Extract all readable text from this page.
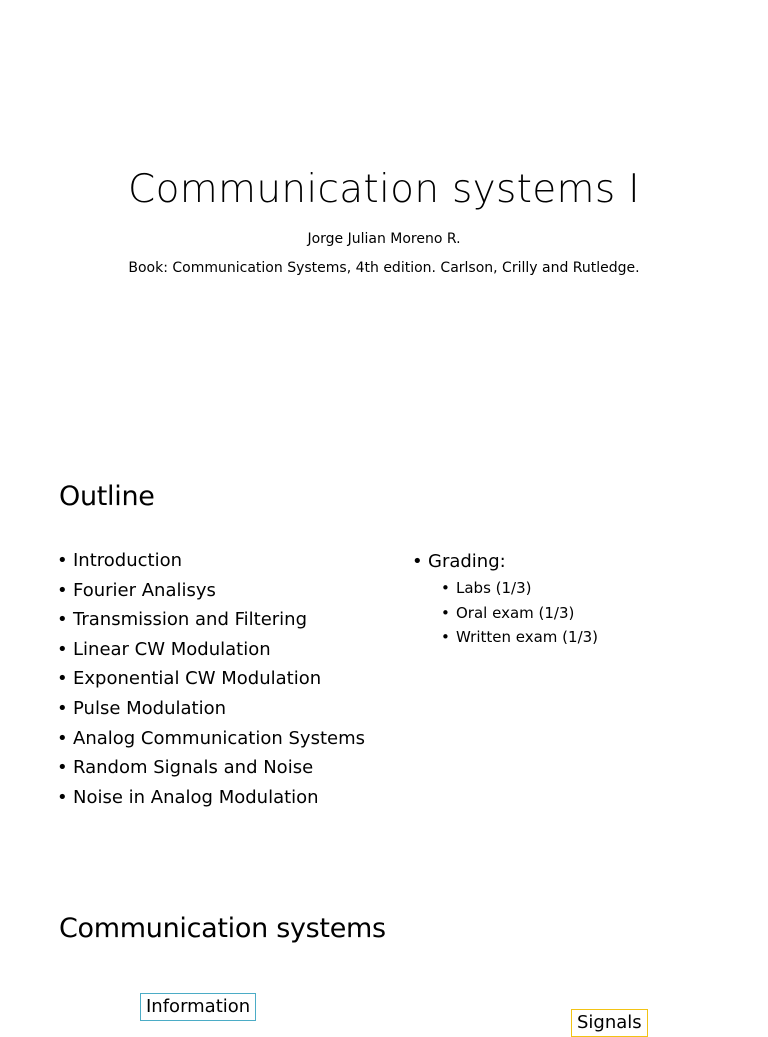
Communication systems I

Jorge Julian Moreno R.

Book: Communication Systems, 4th edition. Carlson, Crilly and Rutledge.

Outline
• Introduction
• Fourier Analisys
• Transmission and Filtering
• Linear CW Modulation
• Exponential CW Modulation
• Pulse Modulation
• Analog Communication Systems
• Random Signals and Noise
• Noise in Analog Modulation
• Grading:
• Labs (1/3)
• Oral exam (1/3)
• Written exam (1/3)
Communication systems
Information
Signals
